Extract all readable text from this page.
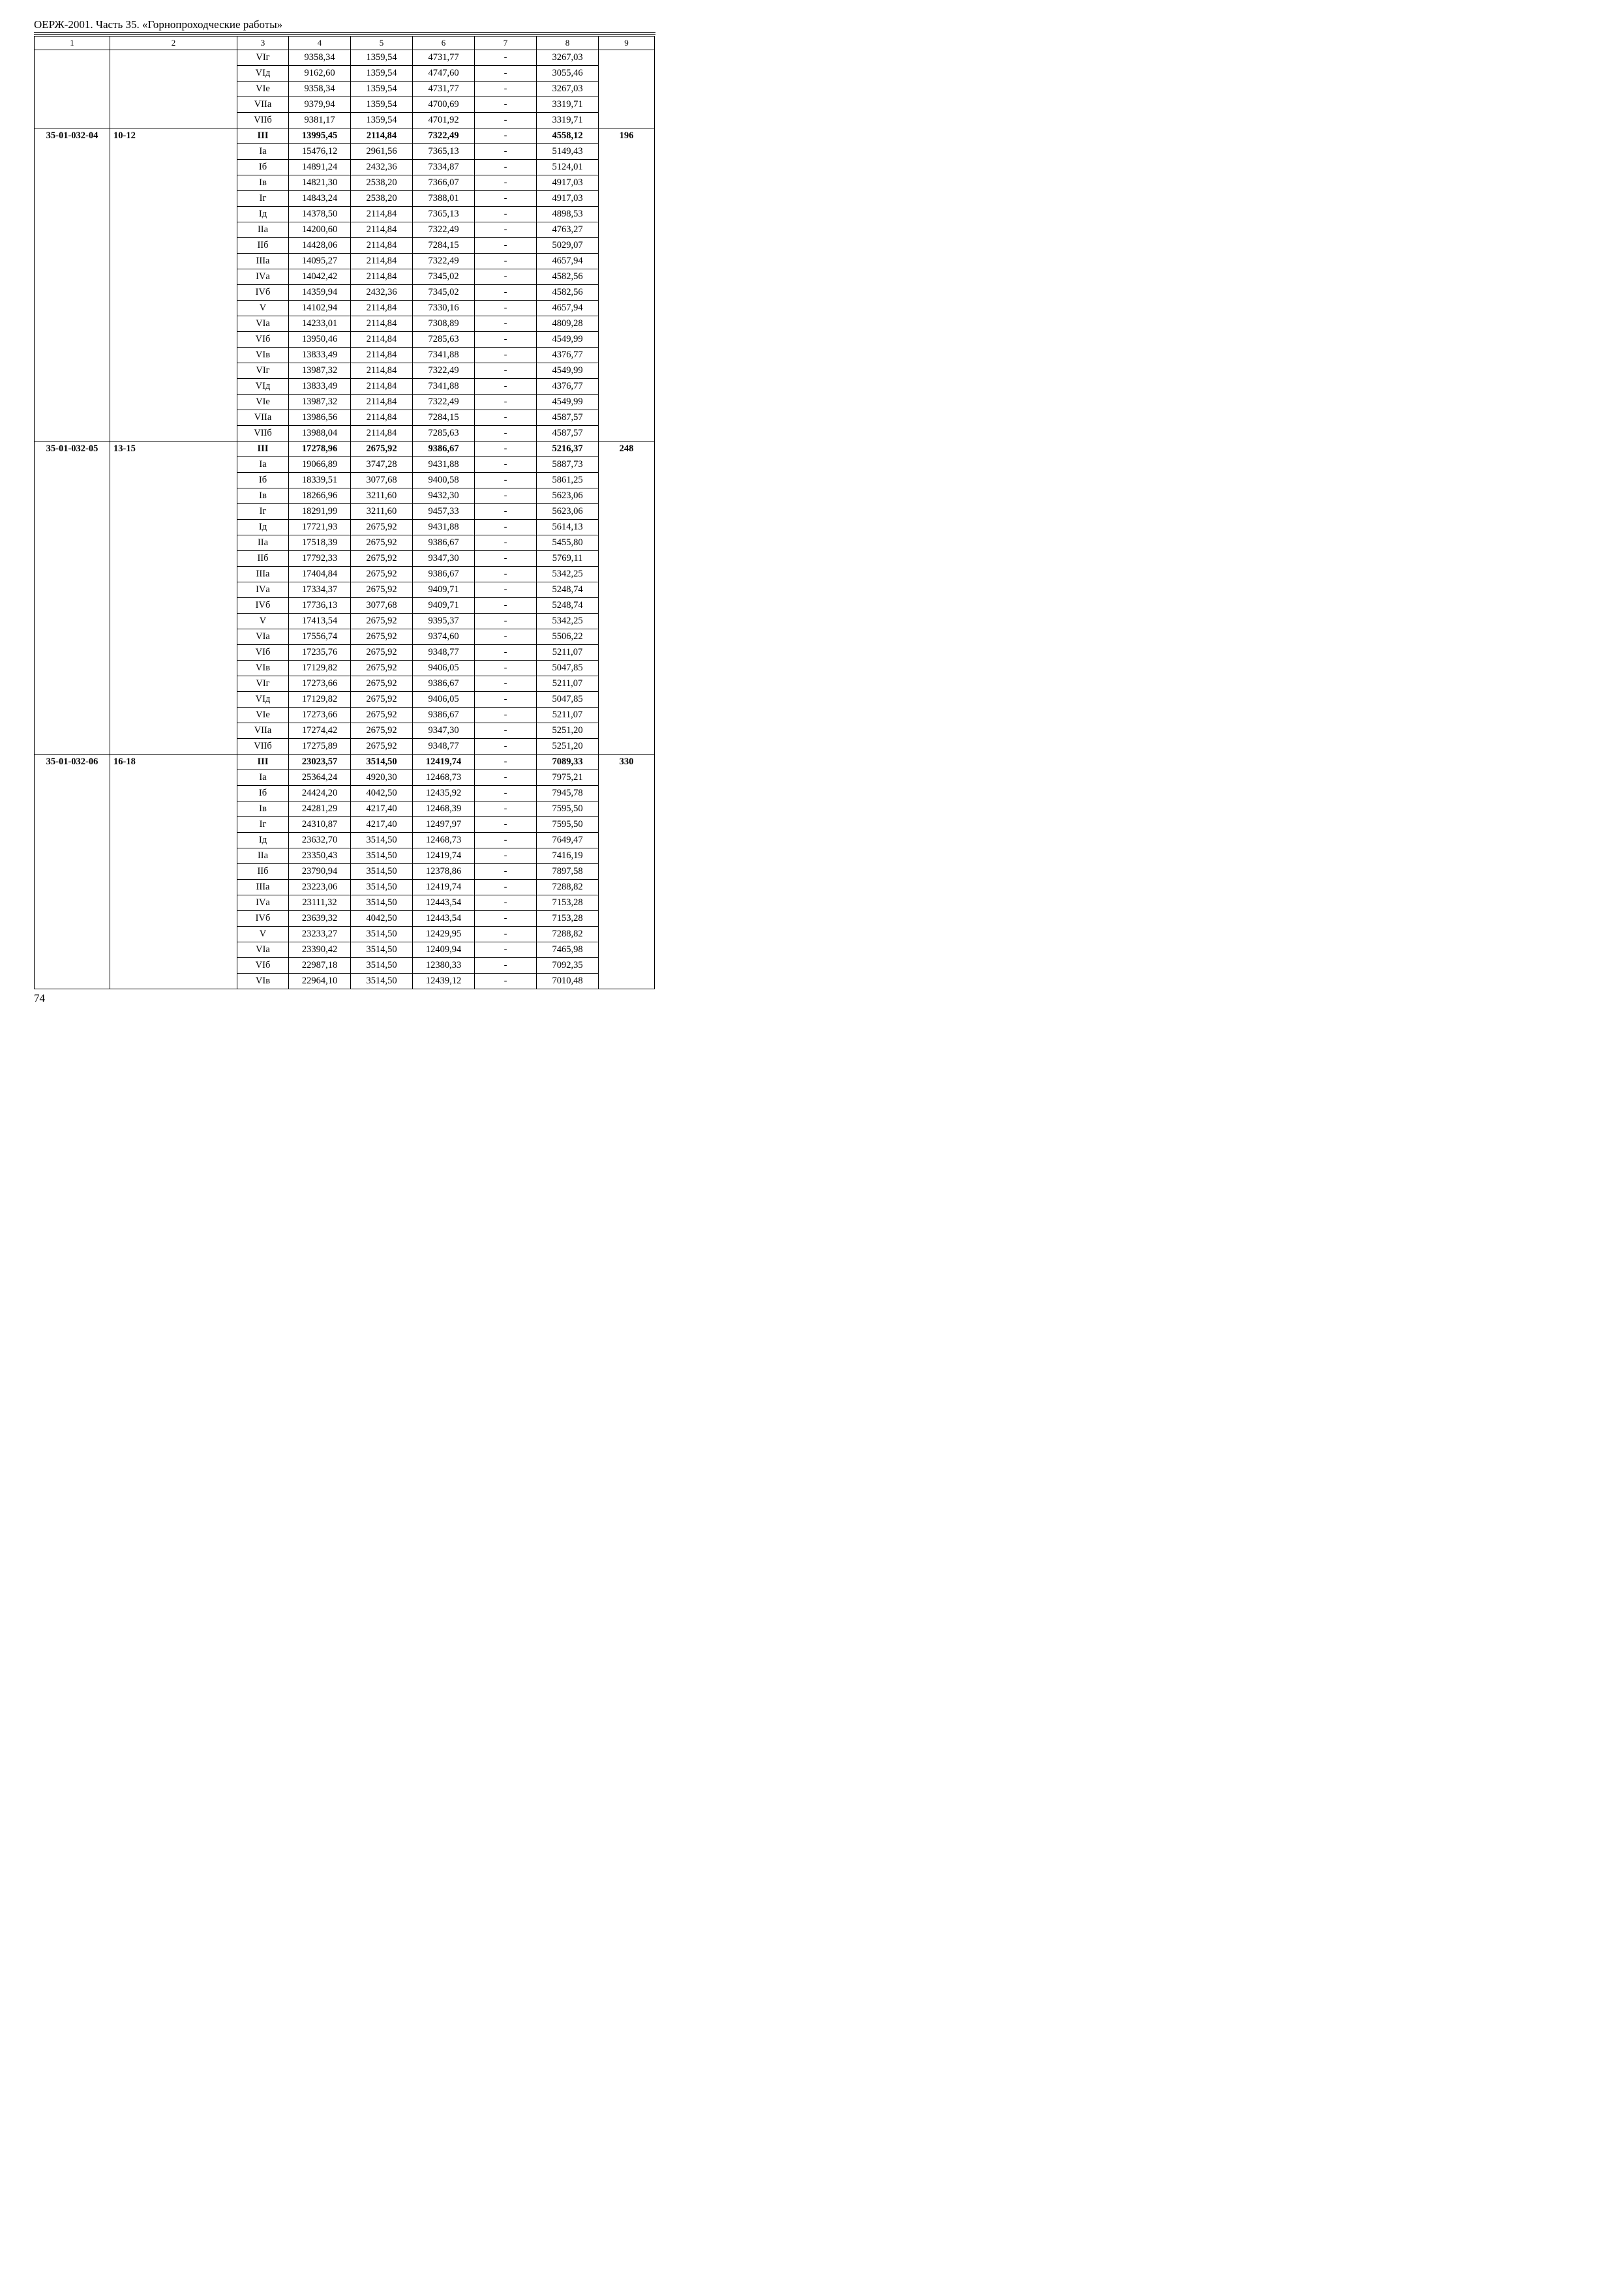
ОЕРЖ-2001. Часть 35. «Горнопроходческие работы»
1	2	3	4	5	6	7	8	9
		VIг	9358,34	1359,54	4731,77	-	3267,03	
		VIд	9162,60	1359,54	4747,60	-	3055,46	
		VIе	9358,34	1359,54	4731,77	-	3267,03	
		VIIа	9379,94	1359,54	4700,69	-	3319,71	
		VIIб	9381,17	1359,54	4701,92	-	3319,71	
35-01-032-04	10-12	III	13995,45	2114,84	7322,49	-	4558,12	196
		Iа	15476,12	2961,56	7365,13	-	5149,43	
		Iб	14891,24	2432,36	7334,87	-	5124,01	
		Iв	14821,30	2538,20	7366,07	-	4917,03	
		Iг	14843,24	2538,20	7388,01	-	4917,03	
		Iд	14378,50	2114,84	7365,13	-	4898,53	
		IIа	14200,60	2114,84	7322,49	-	4763,27	
		IIб	14428,06	2114,84	7284,15	-	5029,07	
		IIIа	14095,27	2114,84	7322,49	-	4657,94	
		IVа	14042,42	2114,84	7345,02	-	4582,56	
		IVб	14359,94	2432,36	7345,02	-	4582,56	
		V	14102,94	2114,84	7330,16	-	4657,94	
		VIа	14233,01	2114,84	7308,89	-	4809,28	
		VIб	13950,46	2114,84	7285,63	-	4549,99	
		VIв	13833,49	2114,84	7341,88	-	4376,77	
		VIг	13987,32	2114,84	7322,49	-	4549,99	
		VIд	13833,49	2114,84	7341,88	-	4376,77	
		VIе	13987,32	2114,84	7322,49	-	4549,99	
		VIIа	13986,56	2114,84	7284,15	-	4587,57	
		VIIб	13988,04	2114,84	7285,63	-	4587,57	
35-01-032-05	13-15	III	17278,96	2675,92	9386,67	-	5216,37	248
		Iа	19066,89	3747,28	9431,88	-	5887,73	
		Iб	18339,51	3077,68	9400,58	-	5861,25	
		Iв	18266,96	3211,60	9432,30	-	5623,06	
		Iг	18291,99	3211,60	9457,33	-	5623,06	
		Iд	17721,93	2675,92	9431,88	-	5614,13	
		IIа	17518,39	2675,92	9386,67	-	5455,80	
		IIб	17792,33	2675,92	9347,30	-	5769,11	
		IIIа	17404,84	2675,92	9386,67	-	5342,25	
		IVа	17334,37	2675,92	9409,71	-	5248,74	
		IVб	17736,13	3077,68	9409,71	-	5248,74	
		V	17413,54	2675,92	9395,37	-	5342,25	
		VIа	17556,74	2675,92	9374,60	-	5506,22	
		VIб	17235,76	2675,92	9348,77	-	5211,07	
		VIв	17129,82	2675,92	9406,05	-	5047,85	
		VIг	17273,66	2675,92	9386,67	-	5211,07	
		VIд	17129,82	2675,92	9406,05	-	5047,85	
		VIе	17273,66	2675,92	9386,67	-	5211,07	
		VIIа	17274,42	2675,92	9347,30	-	5251,20	
		VIIб	17275,89	2675,92	9348,77	-	5251,20	
35-01-032-06	16-18	III	23023,57	3514,50	12419,74	-	7089,33	330
		Iа	25364,24	4920,30	12468,73	-	7975,21	
		Iб	24424,20	4042,50	12435,92	-	7945,78	
		Iв	24281,29	4217,40	12468,39	-	7595,50	
		Iг	24310,87	4217,40	12497,97	-	7595,50	
		Iд	23632,70	3514,50	12468,73	-	7649,47	
		IIа	23350,43	3514,50	12419,74	-	7416,19	
		IIб	23790,94	3514,50	12378,86	-	7897,58	
		IIIа	23223,06	3514,50	12419,74	-	7288,82	
		IVа	23111,32	3514,50	12443,54	-	7153,28	
		IVб	23639,32	4042,50	12443,54	-	7153,28	
		V	23233,27	3514,50	12429,95	-	7288,82	
		VIа	23390,42	3514,50	12409,94	-	7465,98	
		VIб	22987,18	3514,50	12380,33	-	7092,35	
		VIв	22964,10	3514,50	12439,12	-	7010,48	
74
